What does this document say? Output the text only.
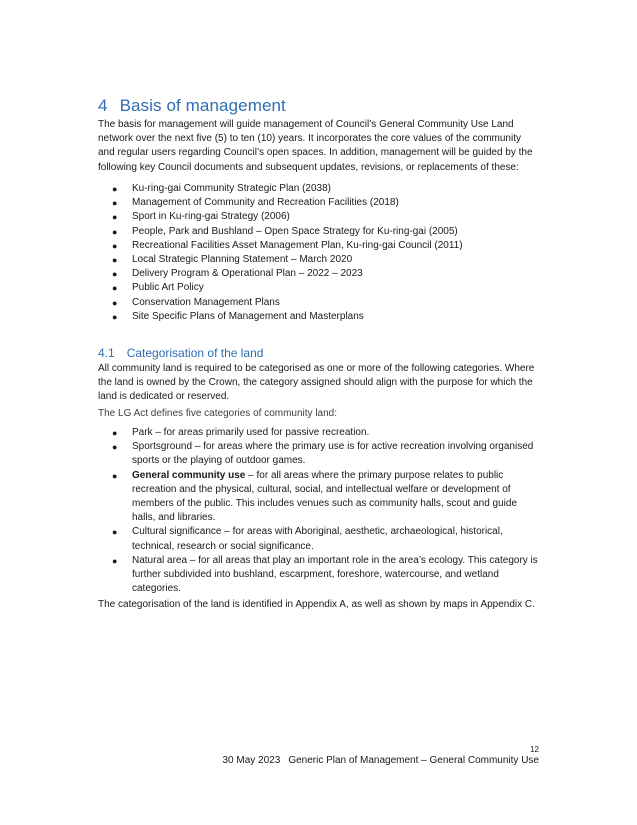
4 Basis of management

The basis for management will guide management of Council’s General Community Use Land network over the next five (5) to ten (10) years. It incorporates the core values of the community and regular users regarding Council’s open spaces. In addition, management will be guided by the following key Council documents and subsequent updates, revisions, or replacements of these:

● Ku-ring-gai Community Strategic Plan (2038)
● Management of Community and Recreation Facilities (2018)
● Sport in Ku-ring-gai Strategy (2006)
● People, Park and Bushland – Open Space Strategy for Ku-ring-gai (2005)
● Recreational Facilities Asset Management Plan, Ku-ring-gai Council (2011)
● Local Strategic Planning Statement – March 2020
● Delivery Program & Operational Plan – 2022 – 2023
● Public Art Policy
● Conservation Management Plans
● Site Specific Plans of Management and Masterplans
4.1 Categorisation of the land

All community land is required to be categorised as one or more of the following categories. Where the land is owned by the Crown, the category assigned should align with the purpose for which the land is dedicated or reserved.

The LG Act defines five categories of community land:

● Park – for areas primarily used for passive recreation.
● Sportsground – for areas where the primary use is for active recreation involving organised sports or the playing of outdoor games.
● General community use – for all areas where the primary purpose relates to public recreation and the physical, cultural, social, and intellectual welfare or development of members of the public. This includes venues such as community halls, scout and guide halls, and libraries.
● Cultural significance – for areas with Aboriginal, aesthetic, archaeological, historical, technical, research or social significance.
● Natural area – for all areas that play an important role in the area’s ecology. This category is further subdivided into bushland, escarpment, foreshore, watercourse, and wetland categories.

The categorisation of the land is identified in Appendix A, as well as shown by maps in Appendix C.

12
30 May 2023 Generic Plan of Management – General Community Use
